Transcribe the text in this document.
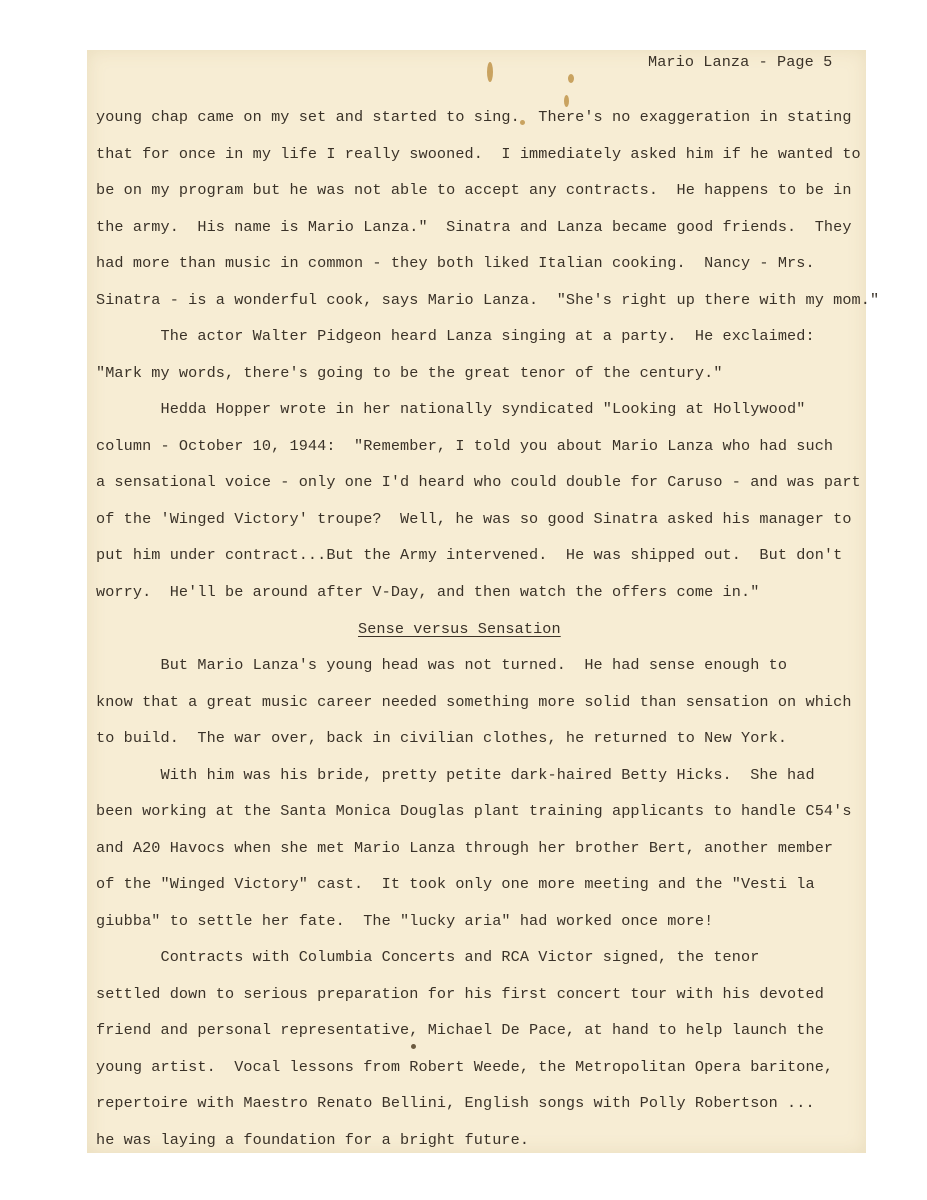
Mario Lanza - Page 5
young chap came on my set and started to sing.  There's no exaggeration in stating
that for once in my life I really swooned.  I immediately asked him if he wanted to
be on my program but he was not able to accept any contracts.  He happens to be in
the army.  His name is Mario Lanza."  Sinatra and Lanza became good friends.  They
had more than music in common - they both liked Italian cooking.  Nancy - Mrs.
Sinatra - is a wonderful cook, says Mario Lanza.  "She's right up there with my mom."
The actor Walter Pidgeon heard Lanza singing at a party.  He exclaimed:
"Mark my words, there's going to be the great tenor of the century."
Hedda Hopper wrote in her nationally syndicated "Looking at Hollywood"
column - October 10, 1944:  "Remember, I told you about Mario Lanza who had such
a sensational voice - only one I'd heard who could double for Caruso - and was part
of the 'Winged Victory' troupe?  Well, he was so good Sinatra asked his manager to
put him under contract...But the Army intervened.  He was shipped out.  But don't
worry.  He'll be around after V-Day, and then watch the offers come in."
Sense versus Sensation
But Mario Lanza's young head was not turned.  He had sense enough to
know that a great music career needed something more solid than sensation on which
to build.  The war over, back in civilian clothes, he returned to New York.
With him was his bride, pretty petite dark-haired Betty Hicks.  She had
been working at the Santa Monica Douglas plant training applicants to handle C54's
and A20 Havocs when she met Mario Lanza through her brother Bert, another member
of the "Winged Victory" cast.  It took only one more meeting and the "Vesti la
giubba" to settle her fate.  The "lucky aria" had worked once more!
Contracts with Columbia Concerts and RCA Victor signed, the tenor
settled down to serious preparation for his first concert tour with his devoted
friend and personal representative, Michael De Pace, at hand to help launch the
young artist.  Vocal lessons from Robert Weede, the Metropolitan Opera baritone,
repertoire with Maestro Renato Bellini, English songs with Polly Robertson ...
he was laying a foundation for a bright future.
